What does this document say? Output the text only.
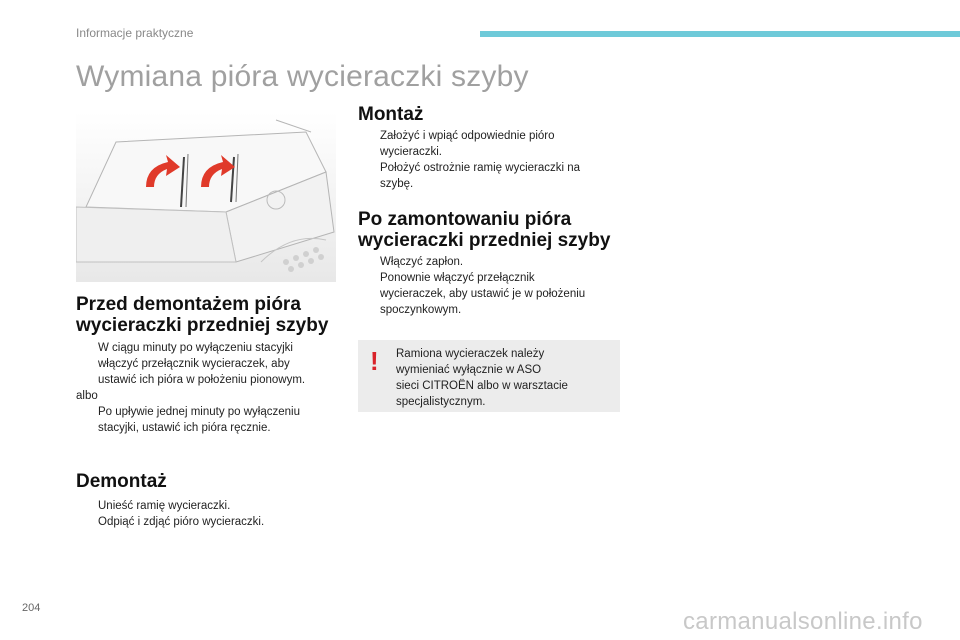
Informacje praktyczne
Wymiana pióra wycieraczki szyby
Przed demontażem pióra
wycieraczki przedniej szyby
W ciągu minuty po wyłączeniu stacyjki
włączyć przełącznik wycieraczek, aby
ustawić ich pióra w położeniu pionowym.
albo
Po upływie jednej minuty po wyłączeniu
stacyjki, ustawić ich pióra ręcznie.
Demontaż
Unieść ramię wycieraczki.
Odpiąć i zdjąć pióro wycieraczki.
Montaż
Założyć i wpiąć odpowiednie pióro
wycieraczki.
Położyć ostrożnie ramię wycieraczki na
szybę.
Po zamontowaniu pióra
wycieraczki przedniej szyby
Włączyć zapłon.
Ponownie włączyć przełącznik
wycieraczek, aby ustawić je w położeniu
spoczynkowym.
! Ramiona wycieraczek należy
wymieniać wyłącznie w ASO
sieci CITROËN albo w warsztacie
specjalistycznym.
204	carmanualsonline.info
